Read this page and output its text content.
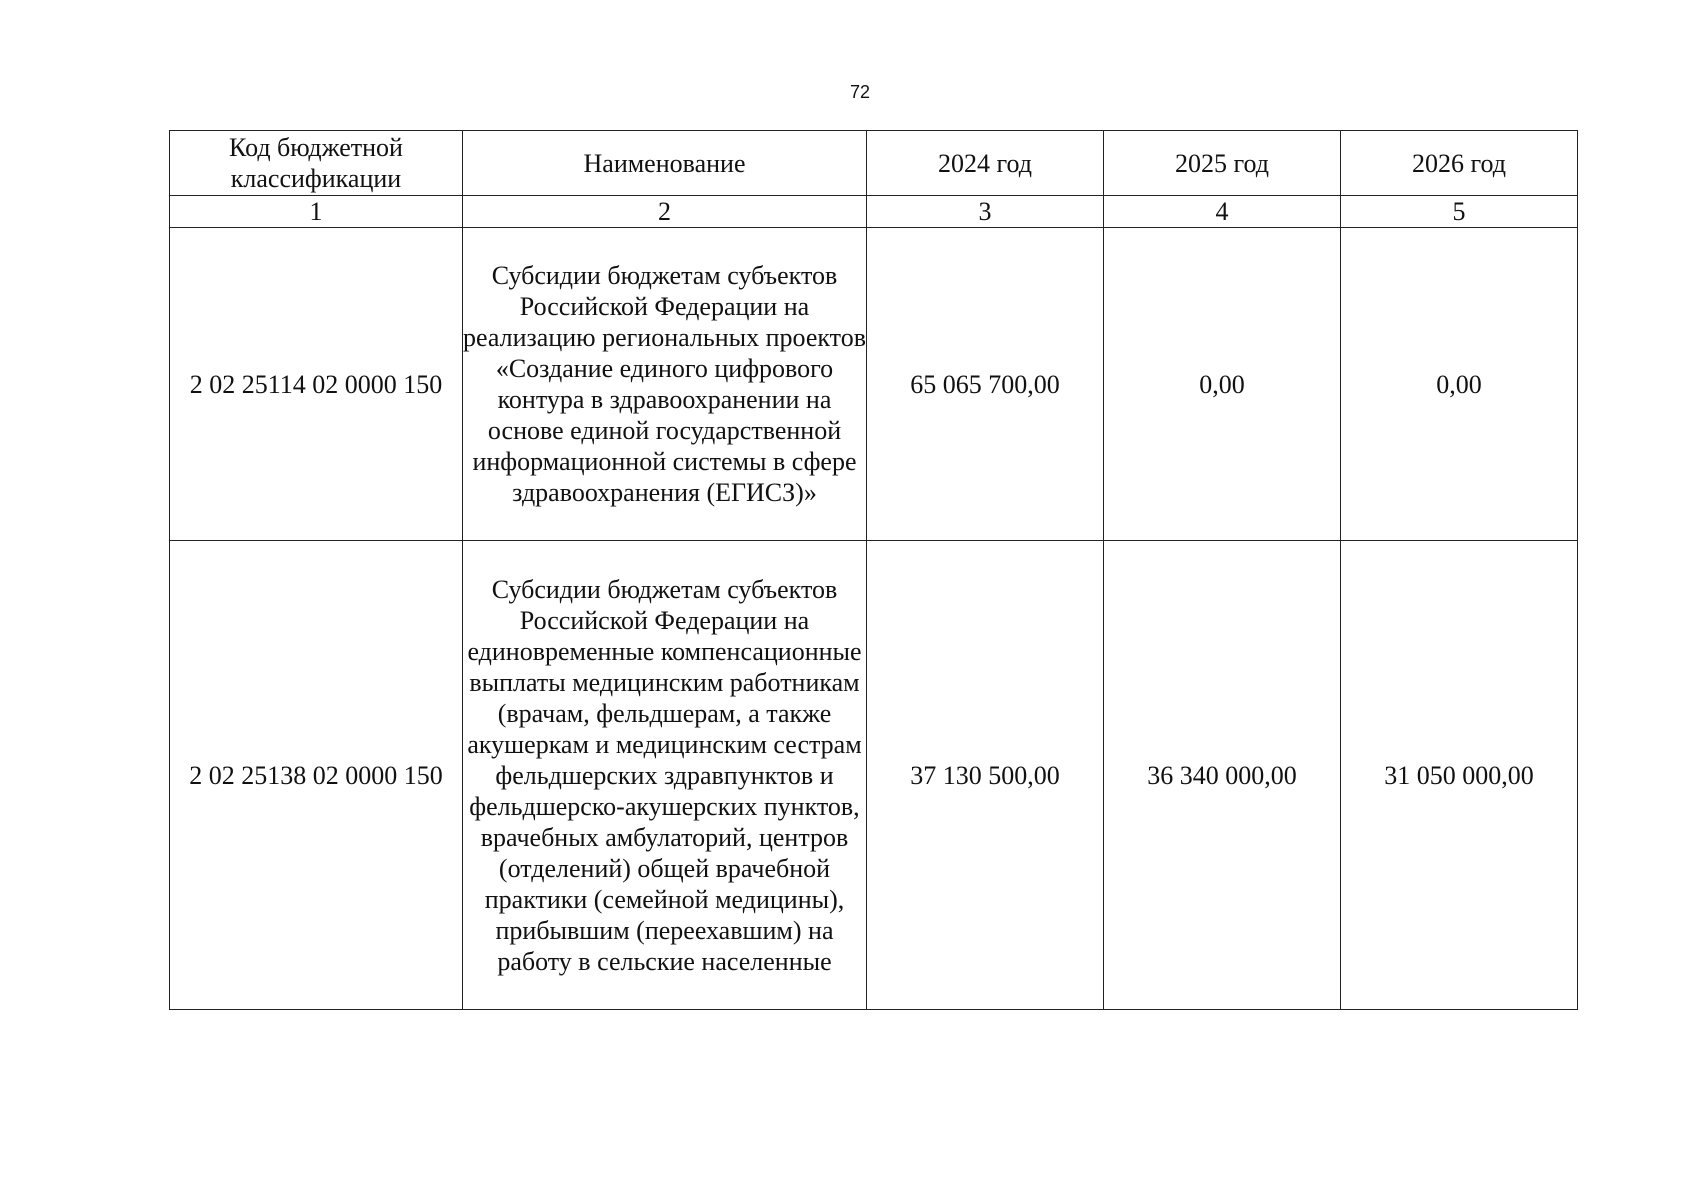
72
Код бюджетной классификации	Наименование	2024 год	2025 год	2026 год
1	2	3	4	5
2 02 25114 02 0000 150	Субсидии бюджетам субъектов Российской Федерации на реализацию региональных проектов «Создание единого цифрового контура в здравоохранении на основе единой государственной информационной системы в сфере здравоохранения (ЕГИСЗ)»	65 065 700,00	0,00	0,00
2 02 25138 02 0000 150	Субсидии бюджетам субъектов Российской Федерации на единовременные компенсационные выплаты медицинским работникам (врачам, фельдшерам, а также акушеркам и медицинским сестрам фельдшерских здравпунктов и фельдшерско-акушерских пунктов, врачебных амбулаторий, центров (отделений) общей врачебной практики (семейной медицины), прибывшим (переехавшим) на работу в сельские населенные	37 130 500,00	36 340 000,00	31 050 000,00
